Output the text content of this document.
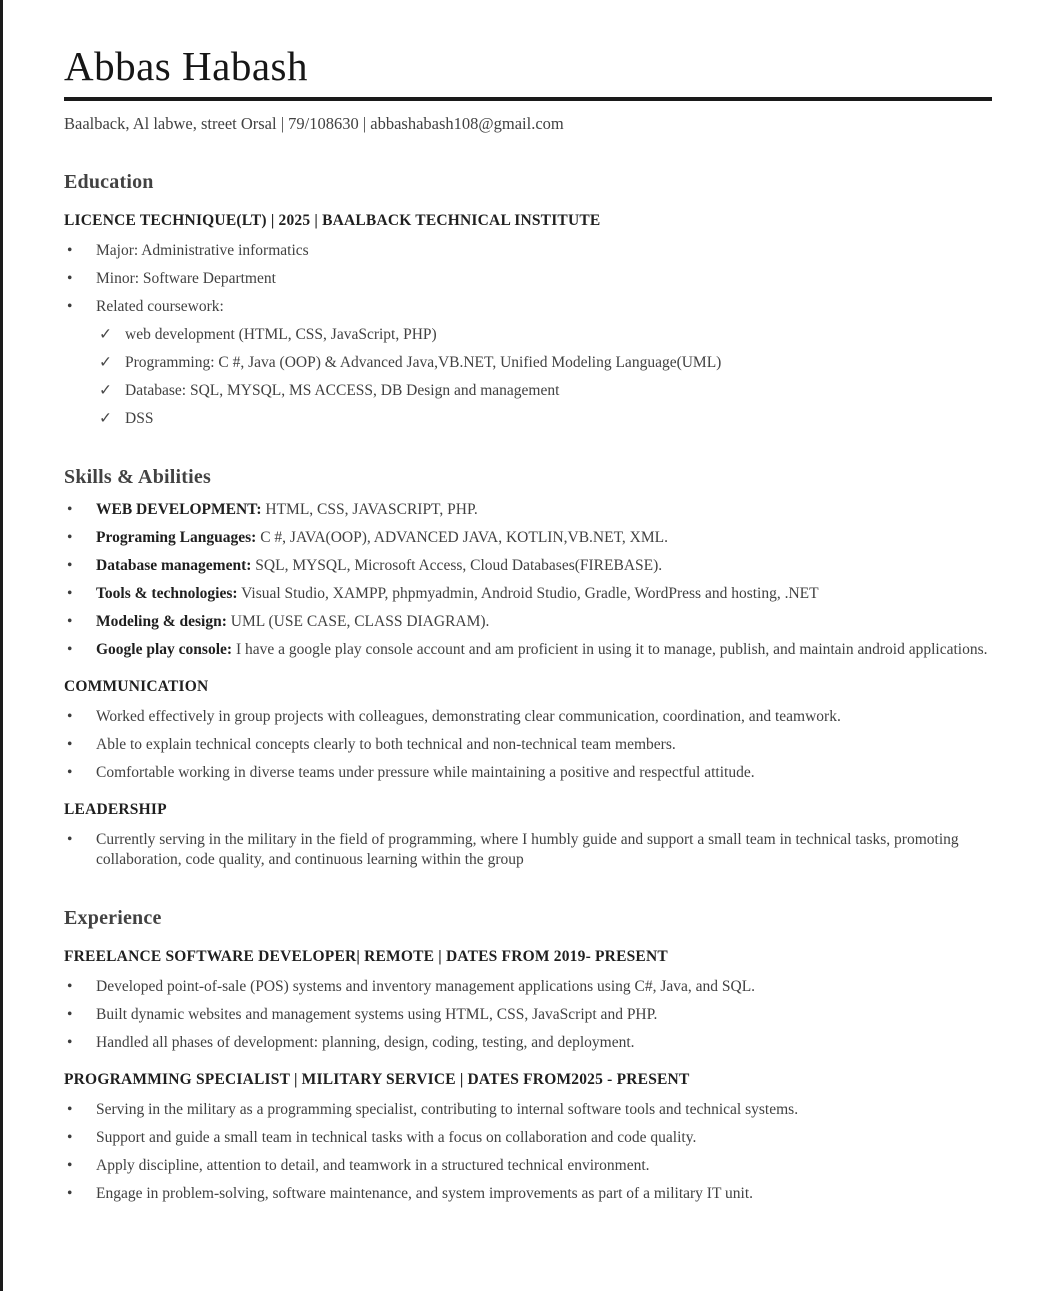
Abbas Habash

Baalback, Al labwe, street Orsal | 79/108630 | abbashabash108@gmail.com

Education
LICENCE TECHNIQUE(LT) | 2025 | BAALBACK TECHNICAL INSTITUTE
•	Major: Administrative informatics
•	Minor: Software Department
•	Related coursework:
✓ web development (HTML, CSS, JavaScript, PHP)
✓ Programming: C #, Java (OOP) & Advanced Java,VB.NET, Unified Modeling Language(UML)
✓ Database: SQL, MYSQL, MS ACCESS, DB Design and management
✓ DSS
Skills & Abilities
•	WEB DEVELOPMENT: HTML, CSS, JAVASCRIPT, PHP.
•	Programing Languages: C #, JAVA(OOP), ADVANCED JAVA, KOTLIN,VB.NET, XML.
•	Database management: SQL, MYSQL, Microsoft Access, Cloud Databases(FIREBASE).
•	Tools & technologies: Visual Studio, XAMPP, phpmyadmin, Android Studio, Gradle, WordPress and hosting, .NET
•	Modeling & design: UML (USE CASE, CLASS DIAGRAM).
•	Google play console: I have a google play console account and am proficient in using it to manage, publish, and maintain android applications.
COMMUNICATION
•	Worked effectively in group projects with colleagues, demonstrating clear communication, coordination, and teamwork.
•	Able to explain technical concepts clearly to both technical and non-technical team members.
•	Comfortable working in diverse teams under pressure while maintaining a positive and respectful attitude.
LEADERSHIP
•	Currently serving in the military in the field of programming, where I humbly guide and support a small team in technical tasks, promoting collaboration, code quality, and continuous learning within the group
Experience
FREELANCE SOFTWARE DEVELOPER| REMOTE | DATES FROM 2019- PRESENT
•	Developed point-of-sale (POS) systems and inventory management applications using C#, Java, and SQL.
•	Built dynamic websites and management systems using HTML, CSS, JavaScript and PHP.
•	Handled all phases of development: planning, design, coding, testing, and deployment.
PROGRAMMING SPECIALIST | MILITARY SERVICE | DATES FROM2025 - PRESENT
•	Serving in the military as a programming specialist, contributing to internal software tools and technical systems.
•	Support and guide a small team in technical tasks with a focus on collaboration and code quality.
•	Apply discipline, attention to detail, and teamwork in a structured technical environment.
•	Engage in problem-solving, software maintenance, and system improvements as part of a military IT unit.
